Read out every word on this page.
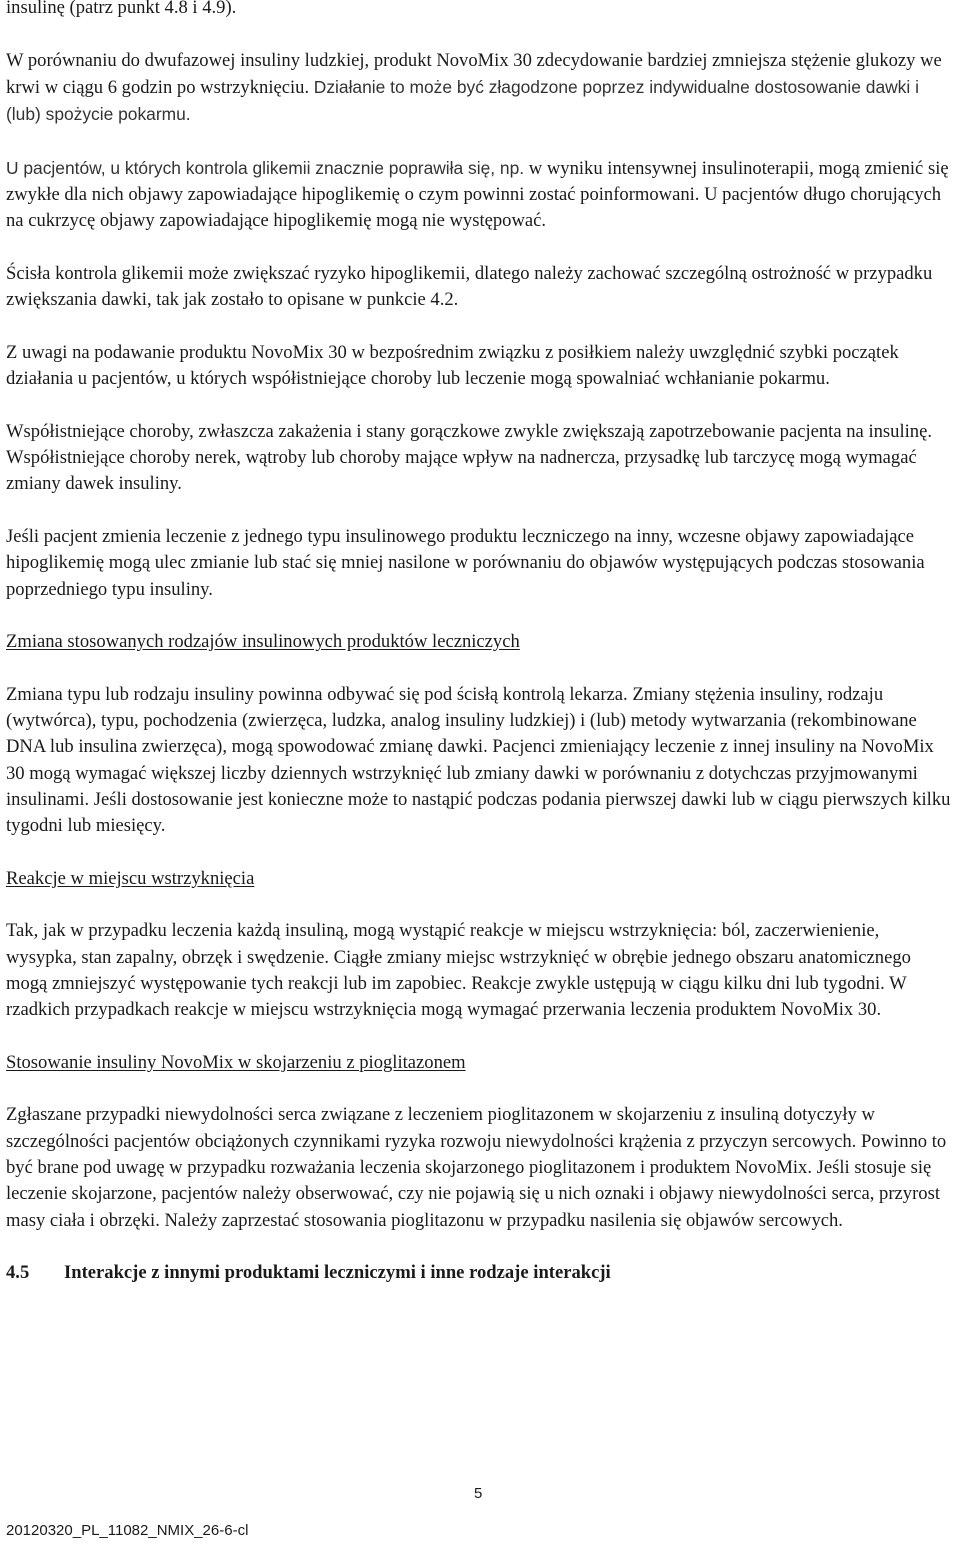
insulinę (patrz punkt 4.8 i 4.9).

W porównaniu do dwufazowej insuliny ludzkiej, produkt NovoMix 30 zdecydowanie bardziej zmniejsza stężenie glukozy we krwi w ciągu 6 godzin po wstrzyknięciu. Działanie to może być złagodzone poprzez indywidualne dostosowanie dawki i (lub) spożycie pokarmu.

U pacjentów, u których kontrola glikemii znacznie poprawiła się, np. w wyniku intensywnej insulinoterapii, mogą zmienić się zwykłe dla nich objawy zapowiadające hipoglikemię o czym powinni zostać poinformowani. U pacjentów długo chorujących na cukrzycę objawy zapowiadające hipoglikemię mogą nie występować.

Ścisła kontrola glikemii może zwiększać ryzyko hipoglikemii, dlatego należy zachować szczególną ostrożność w przypadku zwiększania dawki, tak jak zostało to opisane w punkcie 4.2.

Z uwagi na podawanie produktu NovoMix 30 w bezpośrednim związku z posiłkiem należy uwzględnić szybki początek działania u pacjentów, u których współistniejące choroby lub leczenie mogą spowalniać wchłanianie pokarmu.

Współistniejące choroby, zwłaszcza zakażenia i stany gorączkowe zwykle zwiększają zapotrzebowanie pacjenta na insulinę. Współistniejące choroby nerek, wątroby lub choroby mające wpływ na nadnercza, przysadkę lub tarczycę mogą wymagać zmiany dawek insuliny.

Jeśli pacjent zmienia leczenie z jednego typu insulinowego produktu leczniczego na inny, wczesne objawy zapowiadające hipoglikemię mogą ulec zmianie lub stać się mniej nasilone w porównaniu do objawów występujących podczas stosowania poprzedniego typu insuliny.

Zmiana stosowanych rodzajów insulinowych produktów leczniczych

Zmiana typu lub rodzaju insuliny powinna odbywać się pod ścisłą kontrolą lekarza. Zmiany stężenia insuliny, rodzaju (wytwórca), typu, pochodzenia (zwierzęca, ludzka, analog insuliny ludzkiej) i (lub) metody wytwarzania (rekombinowane DNA lub insulina zwierzęca), mogą spowodować zmianę dawki. Pacjenci zmieniający leczenie z innej insuliny na NovoMix 30 mogą wymagać większej liczby dziennych wstrzyknięć lub zmiany dawki w porównaniu z dotychczas przyjmowanymi insulinami. Jeśli dostosowanie jest konieczne może to nastąpić podczas podania pierwszej dawki lub w ciągu pierwszych kilku tygodni lub miesięcy.

Reakcje w miejscu wstrzyknięcia

Tak, jak w przypadku leczenia każdą insuliną, mogą wystąpić reakcje w miejscu wstrzyknięcia: ból, zaczerwienienie, wysypka, stan zapalny, obrzęk i swędzenie. Ciągłe zmiany miejsc wstrzyknięć w obrębie jednego obszaru anatomicznego mogą zmniejszyć występowanie tych reakcji lub im zapobiec. Reakcje zwykle ustępują w ciągu kilku dni lub tygodni. W rzadkich przypadkach reakcje w miejscu wstrzyknięcia mogą wymagać przerwania leczenia produktem NovoMix 30.

Stosowanie insuliny NovoMix w skojarzeniu z pioglitazonem

Zgłaszane przypadki niewydolności serca związane z leczeniem pioglitazonem w skojarzeniu z insuliną dotyczyły w szczególności pacjentów obciążonych czynnikami ryzyka rozwoju niewydolności krążenia z przyczyn sercowych. Powinno to być brane pod uwagę w przypadku rozważania leczenia skojarzonego pioglitazonem i produktem NovoMix. Jeśli stosuje się leczenie skojarzone, pacjentów należy obserwować, czy nie pojawią się u nich oznaki i objawy niewydolności serca, przyrost masy ciała i obrzęki. Należy zaprzestać stosowania pioglitazonu w przypadku nasilenia się objawów sercowych.

4.5	Interakcje z innymi produktami leczniczymi i inne rodzaje interakcji
5
20120320_PL_11082_NMIX_26-6-cl
